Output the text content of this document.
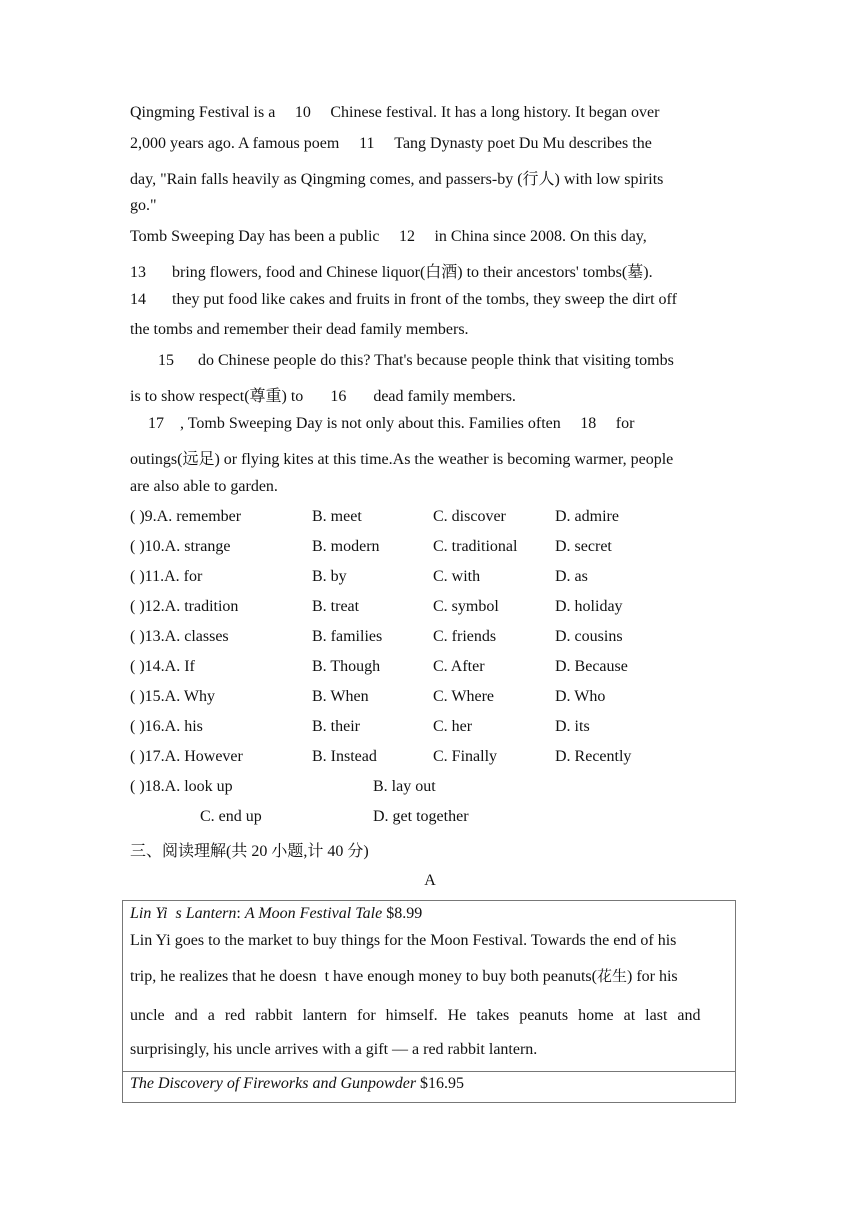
Qingming Festival is a 10 Chinese festival. It has a long history. It began over
2,000 years ago. A famous poem 11 Tang Dynasty poet Du Mu describes the
day, "Rain falls heavily as Qingming comes, and passers-by (行人) with low spirits
go."
Tomb Sweeping Day has been a public 12 in China since 2008. On this day,
13 bring flowers, food and Chinese liquor(白酒) to their ancestors' tombs(墓).
14 they put food like cakes and fruits in front of the tombs, they sweep the dirt off
the tombs and remember their dead family members.
15 do Chinese people do this? That's because people think that visiting tombs
is to show respect(尊重) to 16 dead family members.
17 , Tomb Sweeping Day is not only about this. Families often 18 for
outings(远足) or flying kites at this time.As the weather is becoming warmer, people
are also able to garden.
( )9.A. remember	B. meet	C. discover	D. admire
( )10.A. strange	B. modern	C. traditional D. secret
( )11.A. for	B. by	C. with	D. as
( )12.A. tradition	B. treat	C. symbol	D. holiday
( )13.A. classes	B. families	C. friends	D. cousins
( )14.A. If	B. Though	C. After	D. Because
( )15.A. Why	B. When	C. Where	D. Who
( )16.A. his	B. their	C. her	D. its
( )17.A. However	B. Instead	C. Finally	D. Recently
( )18.A. look up	B. lay out
C. end up	D. get together
三、阅读理解(共 20 小题,计 40 分)
A

Lin Yi s Lantern: A Moon Festival Tale $8.99

Lin Yi goes to the market to buy things for the Moon Festival. Towards the end of his

trip, he realizes that he doesn t have enough money to buy both peanuts(花生) for his

uncle and a red rabbit lantern for himself. He takes peanuts home at last and

surprisingly, his uncle arrives with a gift — a red rabbit lantern.

The Discovery of Fireworks and Gunpowder $16.95
